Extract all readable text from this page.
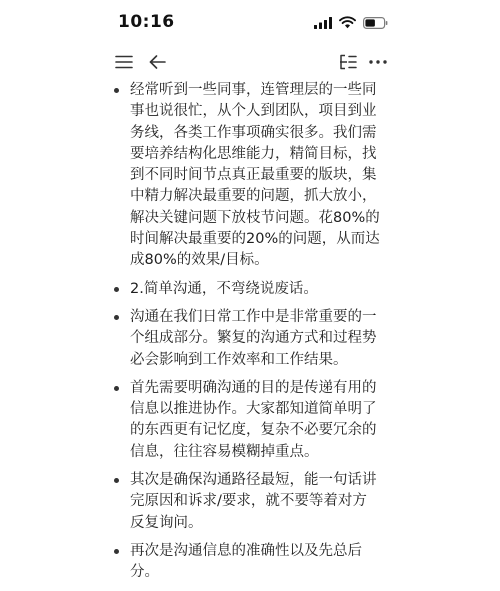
10:16
经常听到一些同事，连管理层的一些同事也说很忙，从个人到团队，项目到业务线，各类工作事项确实很多。我们需要培养结构化思维能力，精简目标，找到不同时间节点真正最重要的版块，集中精力解决最重要的问题，抓大放小，解决关键问题下放枝节问题。花80%的时间解决最重要的20%的问题，从而达成80%的效果/目标。
2.简单沟通，不弯绕说废话。
沟通在我们日常工作中是非常重要的一个组成部分。繁复的沟通方式和过程势必会影响到工作效率和工作结果。
首先需要明确沟通的目的是传递有用的信息以推进协作。大家都知道简单明了的东西更有记忆度，复杂不必要冗余的信息，往往容易模糊掉重点。
其次是确保沟通路径最短，能一句话讲完原因和诉求/要求，就不要等着对方反复询问。
再次是沟通信息的准确性以及先总后分。
